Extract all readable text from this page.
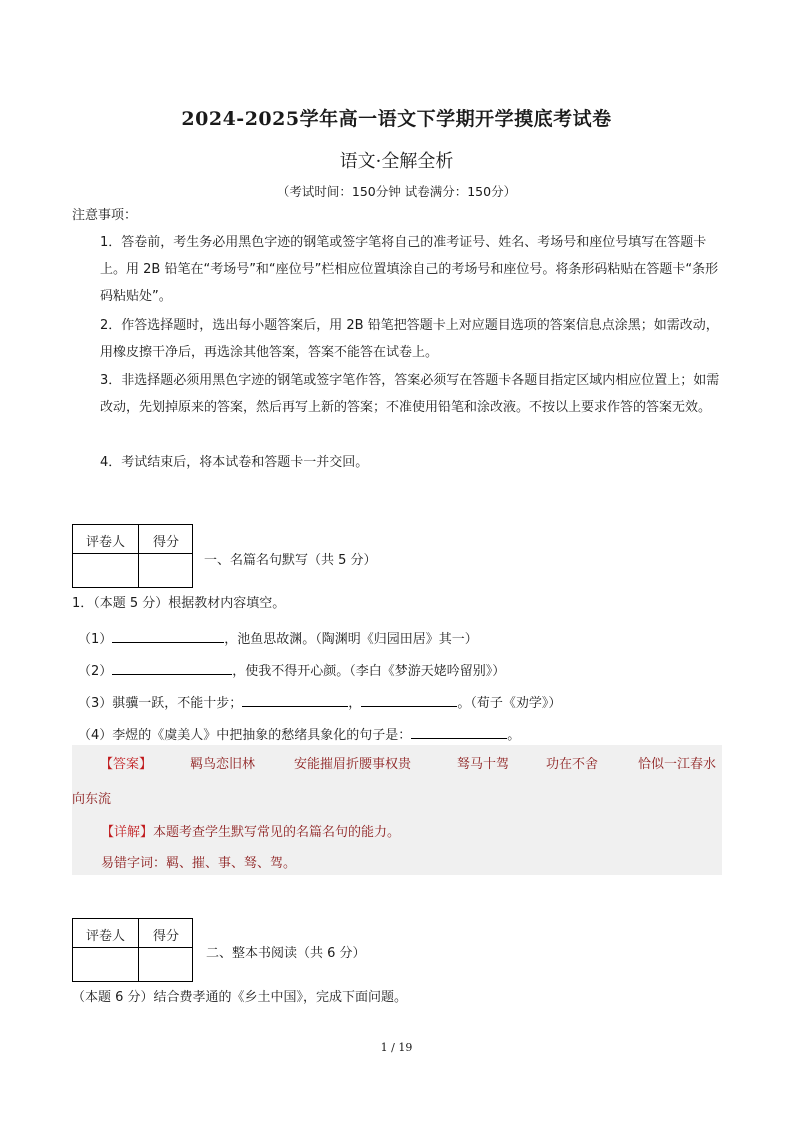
2024-2025学年高一语文下学期开学摸底考试卷
语文·全解全析
（考试时间：150分钟 试卷满分：150分）
注意事项：
1．答卷前，考生务必用黑色字迹的钢笔或签字笔将自己的准考证号、姓名、考场号和座位号填写在答题卡上。用 2B 铅笔在“考场号”和“座位号”栏相应位置填涂自己的考场号和座位号。将条形码粘贴在答题卡“条形码粘贴处”。
2．作答选择题时，选出每小题答案后，用 2B 铅笔把答题卡上对应题目选项的答案信息点涂黑；如需改动，用橡皮擦干净后，再选涂其他答案，答案不能答在试卷上。
3．非选择题必须用黑色字迹的钢笔或签字笔作答，答案必须写在答题卡各题目指定区域内相应位置上；如需改动，先划掉原来的答案，然后再写上新的答案；不准使用铅笔和涂改液。不按以上要求作答的答案无效。
4．考试结束后，将本试卷和答题卡一并交回。
评卷人	得分
一、名篇名句默写（共 5 分）
1．（本题 5 分）根据教材内容填空。
（1）	，池鱼思故渊。（陶渊明《归园田居》其一）
（2）	，使我不得开心颜。（李白《梦游天姥吟留别》）
（3）骐骥一跃，不能十步；	，	。（荀子《劝学》）
（4）李煜的《虞美人》中把抽象的愁绪具象化的句子是：	。
【答案】	羁鸟恋旧林	安能摧眉折腰事权贵	驽马十驾	功在不舍	恰似一江春水
向东流
【详解】本题考查学生默写常见的名篇名句的能力。
易错字词：羁、摧、事、驽、驾。
评卷人	得分
二、整本书阅读（共 6 分）
（本题 6 分）结合费孝通的《乡土中国》，完成下面问题。
1 / 19
